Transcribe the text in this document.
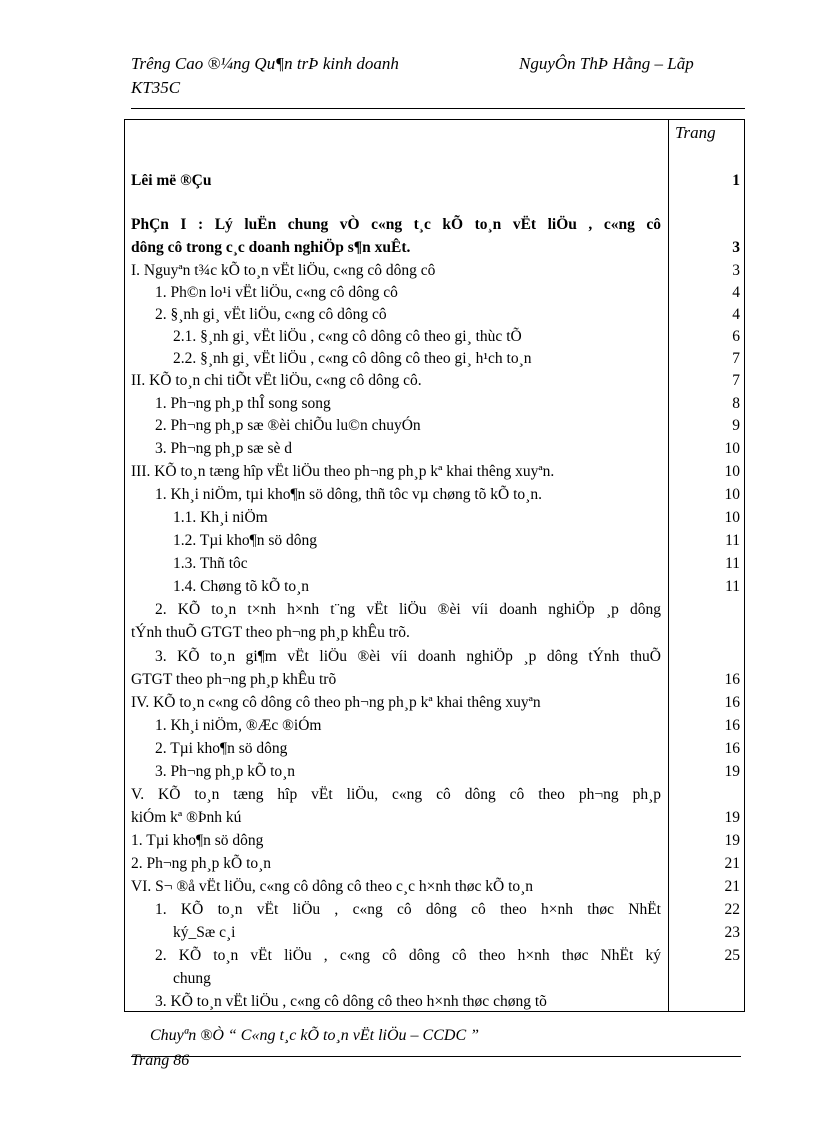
Trêng Cao ®¼ng Qu¶n trÞ kinh doanh	NguyÔn ThÞ Hằng – Lãp
KT35C
Trang
Lêi më ®Çu	1
PhÇn I : Lý luËn chung vÒ c«ng t¸c kÕ to¸n vËt liÖu , c«ng cô
dông cô trong c¸c doanh nghiÖp s¶n xuÊt.	3
I. Nguyªn t¾c kÕ to¸n vËt liÖu, c«ng cô dông cô	3
1. Ph©n lo¹i vËt liÖu, c«ng cô dông cô	4
2. §¸nh gi¸ vËt liÖu, c«ng cô dông cô	4
2.1. §¸nh gi¸ vËt liÖu , c«ng cô dông cô theo gi¸ thùc tÕ	6
2.2. §¸nh gi¸ vËt liÖu , c«ng cô dông cô theo gi¸ h¹ch to¸n	7
II. KÕ to¸n chi tiÕt vËt liÖu, c«ng cô dông cô.	7
1. Ph¬ng ph¸p thÎ song song	8
2. Ph¬ng ph¸p sæ ®èi chiÕu lu©n chuyÓn	9
3. Ph¬ng ph¸p sæ sè d	10
III. KÕ to¸n tæng hîp vËt liÖu theo ph¬ng ph¸p kª khai thêng xuyªn.	10
1. Kh¸i niÖm, tµi kho¶n sö dông, thñ tôc vµ chøng tõ kÕ to¸n.	10
1.1. Kh¸i niÖm	10
1.2. Tµi kho¶n sö dông	11
1.3. Thñ tôc	11
1.4. Chøng tõ kÕ to¸n	11
2. KÕ to¸n t×nh h×nh t¨ng vËt liÖu ®èi víi doanh nghiÖp ¸p dông
tÝnh thuÕ GTGT theo ph¬ng ph¸p khÊu trõ.
3. KÕ to¸n gi¶m vËt liÖu ®èi víi doanh nghiÖp ¸p dông tÝnh thuÕ
GTGT theo ph¬ng ph¸p khÊu trõ	16
IV. KÕ to¸n c«ng cô dông cô theo ph¬ng ph¸p kª khai thêng xuyªn	16
1. Kh¸i niÖm, ®Æc ®iÓm	16
2. Tµi kho¶n sö dông	16
3. Ph¬ng ph¸p kÕ to¸n	19
V. KÕ to¸n tæng hîp vËt liÖu, c«ng cô dông cô theo ph¬ng ph¸p
kiÓm kª ®Þnh kú	19
1. Tµi kho¶n sö dông	19
2. Ph¬ng ph¸p kÕ to¸n	21
VI. S¬ ®å vËt liÖu, c«ng cô dông cô theo c¸c h×nh thøc kÕ to¸n	21
1. KÕ to¸n vËt liÖu , c«ng cô dông cô theo h×nh thøc NhËt	22
ký_Sæ c¸i	23
2. KÕ to¸n vËt liÖu , c«ng cô dông cô theo h×nh thøc NhËt ký	25
chung
3. KÕ to¸n vËt liÖu , c«ng cô dông cô theo h×nh thøc chøng tõ
Chuyªn ®Ò “ C«ng t¸c kÕ to¸n vËt liÖu – CCDC ”
Trang 86
